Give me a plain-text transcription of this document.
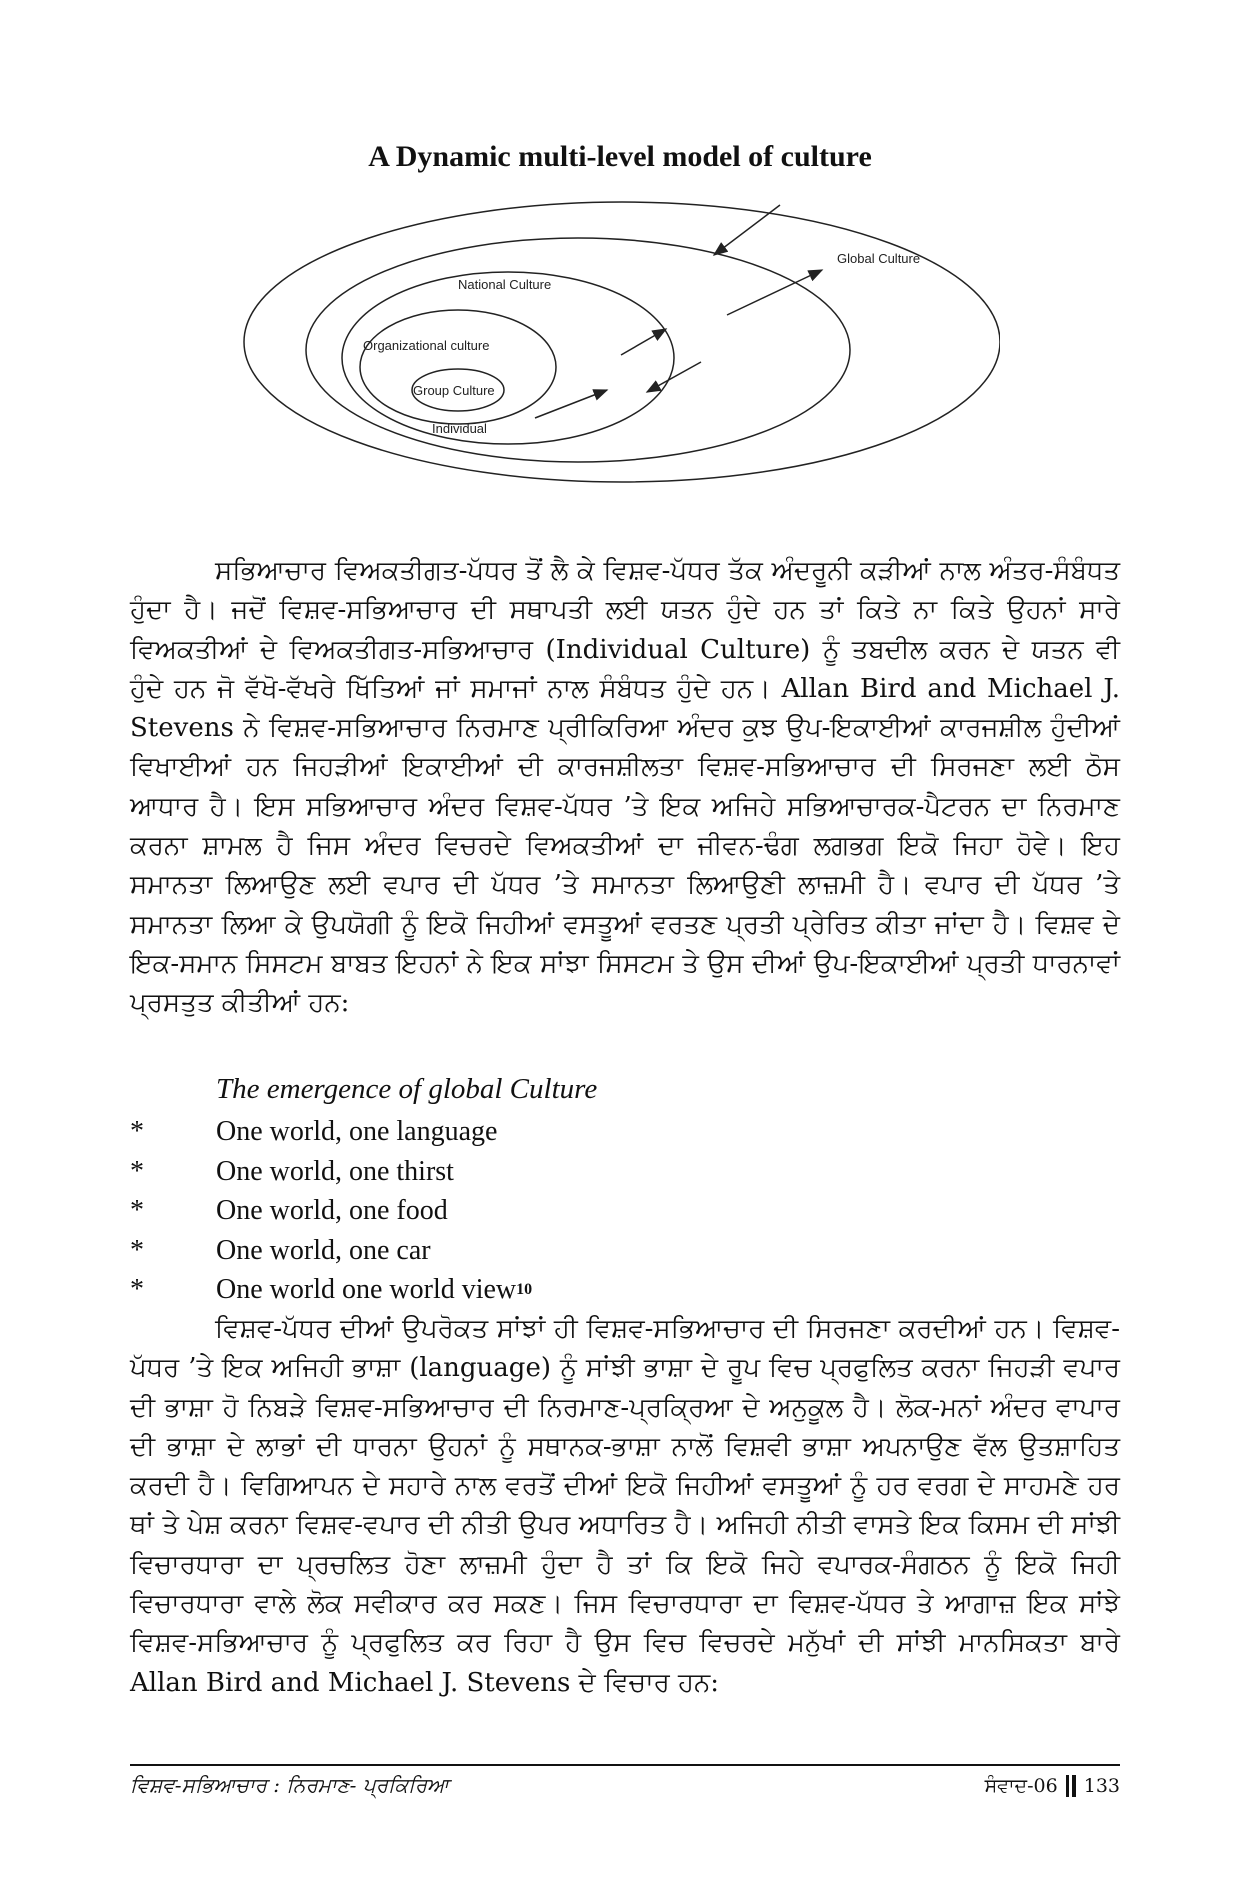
A Dynamic multi-level model of culture
Global Culture
National Culture
Organizational culture
Group Culture
Individual

ਸਭਿਆਚਾਰ ਵਿਅਕਤੀਗਤ-ਪੱਧਰ ਤੋਂ ਲੈ ਕੇ ਵਿਸ਼ਵ-ਪੱਧਰ ਤੱਕ ਅੰਦਰੂਨੀ ਕੜੀਆਂ ਨਾਲ ਅੰਤਰ-ਸੰਬੰਧਤ ਹੁੰਦਾ ਹੈ। ਜਦੋਂ ਵਿਸ਼ਵ-ਸਭਿਆਚਾਰ ਦੀ ਸਥਾਪਤੀ ਲਈ ਯਤਨ ਹੁੰਦੇ ਹਨ ਤਾਂ ਕਿਤੇ ਨਾ ਕਿਤੇ ਉਹਨਾਂ ਸਾਰੇ ਵਿਅਕਤੀਆਂ ਦੇ ਵਿਅਕਤੀਗਤ-ਸਭਿਆਚਾਰ (Individual Culture) ਨੂੰ ਤਬਦੀਲ ਕਰਨ ਦੇ ਯਤਨ ਵੀ ਹੁੰਦੇ ਹਨ ਜੋ ਵੱਖੋ-ਵੱਖਰੇ ਖਿੱਤਿਆਂ ਜਾਂ ਸਮਾਜਾਂ ਨਾਲ ਸੰਬੰਧਤ ਹੁੰਦੇ ਹਨ। Allan Bird and Michael J. Stevens ਨੇ ਵਿਸ਼ਵ-ਸਭਿਆਚਾਰ ਨਿਰਮਾਣ ਪ੍ਰੀਕਿਰਿਆ ਅੰਦਰ ਕੁਝ ਉਪ-ਇਕਾਈਆਂ ਕਾਰਜਸ਼ੀਲ ਹੁੰਦੀਆਂ ਵਿਖਾਈਆਂ ਹਨ ਜਿਹੜੀਆਂ ਇਕਾਈਆਂ ਦੀ ਕਾਰਜਸ਼ੀਲਤਾ ਵਿਸ਼ਵ-ਸਭਿਆਚਾਰ ਦੀ ਸਿਰਜਣਾ ਲਈ ਠੋਸ ਆਧਾਰ ਹੈ। ਇਸ ਸਭਿਆਚਾਰ ਅੰਦਰ ਵਿਸ਼ਵ-ਪੱਧਰ ’ਤੇ ਇਕ ਅਜਿਹੇ ਸਭਿਆਚਾਰਕ-ਪੈਟਰਨ ਦਾ ਨਿਰਮਾਣ ਕਰਨਾ ਸ਼ਾਮਲ ਹੈ ਜਿਸ ਅੰਦਰ ਵਿਚਰਦੇ ਵਿਅਕਤੀਆਂ ਦਾ ਜੀਵਨ-ਢੰਗ ਲਗਭਗ ਇਕੋ ਜਿਹਾ ਹੋਵੇ। ਇਹ ਸਮਾਨਤਾ ਲਿਆਉਣ ਲਈ ਵਪਾਰ ਦੀ ਪੱਧਰ ’ਤੇ ਸਮਾਨਤਾ ਲਿਆਉਣੀ ਲਾਜ਼ਮੀ ਹੈ। ਵਪਾਰ ਦੀ ਪੱਧਰ ’ਤੇ ਸਮਾਨਤਾ ਲਿਆ ਕੇ ਉਪਯੋਗੀ ਨੂੰ ਇਕੋ ਜਿਹੀਆਂ ਵਸਤੂਆਂ ਵਰਤਣ ਪ੍ਰਤੀ ਪ੍ਰੇਰਿਤ ਕੀਤਾ ਜਾਂਦਾ ਹੈ। ਵਿਸ਼ਵ ਦੇ ਇਕ-ਸਮਾਨ ਸਿਸਟਮ ਬਾਬਤ ਇਹਨਾਂ ਨੇ ਇਕ ਸਾਂਝਾ ਸਿਸਟਮ ਤੇ ਉਸ ਦੀਆਂ ਉਪ-ਇਕਾਈਆਂ ਪ੍ਰਤੀ ਧਾਰਨਾਵਾਂ ਪ੍ਰਸਤੁਤ ਕੀਤੀਆਂ ਹਨ:

The emergence of global Culture

*	One world, one language
*	One world, one thirst
*	One world, one food
*	One world, one car
*	One world one world view 10

ਵਿਸ਼ਵ-ਪੱਧਰ ਦੀਆਂ ਉਪਰੋਕਤ ਸਾਂਝਾਂ ਹੀ ਵਿਸ਼ਵ-ਸਭਿਆਚਾਰ ਦੀ ਸਿਰਜਣਾ ਕਰਦੀਆਂ ਹਨ। ਵਿਸ਼ਵ-ਪੱਧਰ ’ਤੇ ਇਕ ਅਜਿਹੀ ਭਾਸ਼ਾ (language) ਨੂੰ ਸਾਂਝੀ ਭਾਸ਼ਾ ਦੇ ਰੂਪ ਵਿਚ ਪ੍ਰਫੁਲਿਤ ਕਰਨਾ ਜਿਹੜੀ ਵਪਾਰ ਦੀ ਭਾਸ਼ਾ ਹੋ ਨਿਬੜੇ ਵਿਸ਼ਵ-ਸਭਿਆਚਾਰ ਦੀ ਨਿਰਮਾਣ-ਪ੍ਰਕ੍ਰਿਆ ਦੇ ਅਨੁਕੂਲ ਹੈ। ਲੋਕ-ਮਨਾਂ ਅੰਦਰ ਵਾਪਾਰ ਦੀ ਭਾਸ਼ਾ ਦੇ ਲਾਭਾਂ ਦੀ ਧਾਰਨਾ ਉਹਨਾਂ ਨੂੰ ਸਥਾਨਕ-ਭਾਸ਼ਾ ਨਾਲੋਂ ਵਿਸ਼ਵੀ ਭਾਸ਼ਾ ਅਪਨਾਉਣ ਵੱਲ ਉਤਸ਼ਾਹਿਤ ਕਰਦੀ ਹੈ। ਵਿਗਿਆਪਨ ਦੇ ਸਹਾਰੇ ਨਾਲ ਵਰਤੋਂ ਦੀਆਂ ਇਕੋ ਜਿਹੀਆਂ ਵਸਤੂਆਂ ਨੂੰ ਹਰ ਵਰਗ ਦੇ ਸਾਹਮਣੇ ਹਰ ਥਾਂ ਤੇ ਪੇਸ਼ ਕਰਨਾ ਵਿਸ਼ਵ-ਵਪਾਰ ਦੀ ਨੀਤੀ ਉਪਰ ਅਧਾਰਿਤ ਹੈ। ਅਜਿਹੀ ਨੀਤੀ ਵਾਸਤੇ ਇਕ ਕਿਸਮ ਦੀ ਸਾਂਝੀ ਵਿਚਾਰਧਾਰਾ ਦਾ ਪ੍ਰਚਲਿਤ ਹੋਣਾ ਲਾਜ਼ਮੀ ਹੁੰਦਾ ਹੈ ਤਾਂ ਕਿ ਇਕੋ ਜਿਹੇ ਵਪਾਰਕ-ਸੰਗਠਨ ਨੂੰ ਇਕੋ ਜਿਹੀ ਵਿਚਾਰਧਾਰਾ ਵਾਲੇ ਲੋਕ ਸਵੀਕਾਰ ਕਰ ਸਕਣ। ਜਿਸ ਵਿਚਾਰਧਾਰਾ ਦਾ ਵਿਸ਼ਵ-ਪੱਧਰ ਤੇ ਆਗਾਜ਼ ਇਕ ਸਾਂਝੇ ਵਿਸ਼ਵ-ਸਭਿਆਚਾਰ ਨੂੰ ਪ੍ਰਫੁਲਿਤ ਕਰ ਰਿਹਾ ਹੈ ਉਸ ਵਿਚ ਵਿਚਰਦੇ ਮਨੁੱਖਾਂ ਦੀ ਸਾਂਝੀ ਮਾਨਸਿਕਤਾ ਬਾਰੇ Allan Bird and Michael J. Stevens ਦੇ ਵਿਚਾਰ ਹਨ:

ਵਿਸ਼ਵ-ਸਭਿਆਚਾਰ : ਨਿਰਮਾਣ- ਪ੍ਰਕਿਰਿਆ	ਸੰਵਾਦ-06 133
